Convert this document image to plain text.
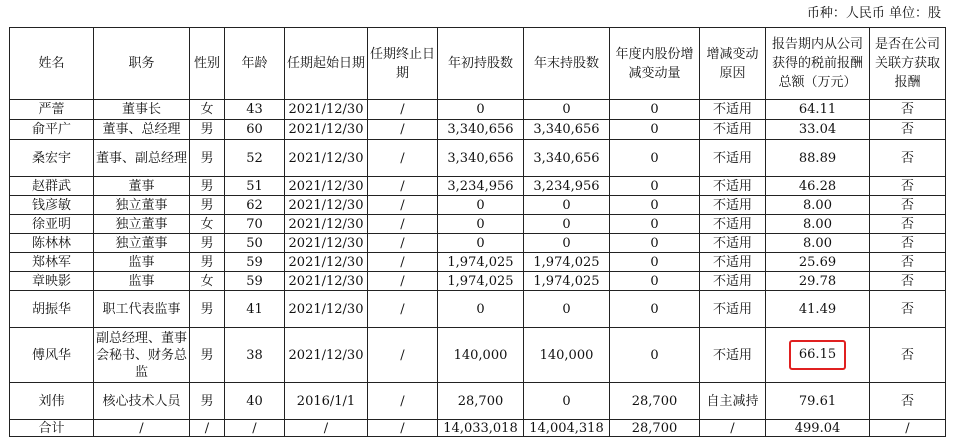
币种：人民币 单位：股
姓名	职务	性别	年龄	任期起始日期	任期终止日期	年初持股数	年末持股数	年度内股份增减变动量	增减变动原因	报告期内从公司获得的税前报酬总额（万元）	是否在公司关联方获取报酬
严蕾	董事长	女	43	2021/12/30	/	0	0	0	不适用	64.11	否
俞平广	董事、总经理	男	60	2021/12/30	/	3,340,656	3,340,656	0	不适用	33.04	否
桑宏宇	董事、副总经理	男	52	2021/12/30	/	3,340,656	3,340,656	0	不适用	88.89	否
赵群武	董事	男	51	2021/12/30	/	3,234,956	3,234,956	0	不适用	46.28	否
钱彦敏	独立董事	男	62	2021/12/30	/	0	0	0	不适用	8.00	否
徐亚明	独立董事	女	70	2021/12/30	/	0	0	0	不适用	8.00	否
陈林林	独立董事	男	50	2021/12/30	/	0	0	0	不适用	8.00	否
郑林军	监事	男	59	2021/12/30	/	1,974,025	1,974,025	0	不适用	25.69	否
章映影	监事	女	59	2021/12/30	/	1,974,025	1,974,025	0	不适用	29.78	否
胡振华	职工代表监事	男	41	2021/12/30	/	0	0	0	不适用	41.49	否
傅风华	副总经理、董事会秘书、财务总监	男	38	2021/12/30	/	140,000	140,000	0	不适用	66.15	否
刘伟	核心技术人员	男	40	2016/1/1	/	28,700	0	28,700	自主减持	79.61	否
合计	/	/	/	/	/	14,033,018	14,004,318	28,700	/	499.04	/
